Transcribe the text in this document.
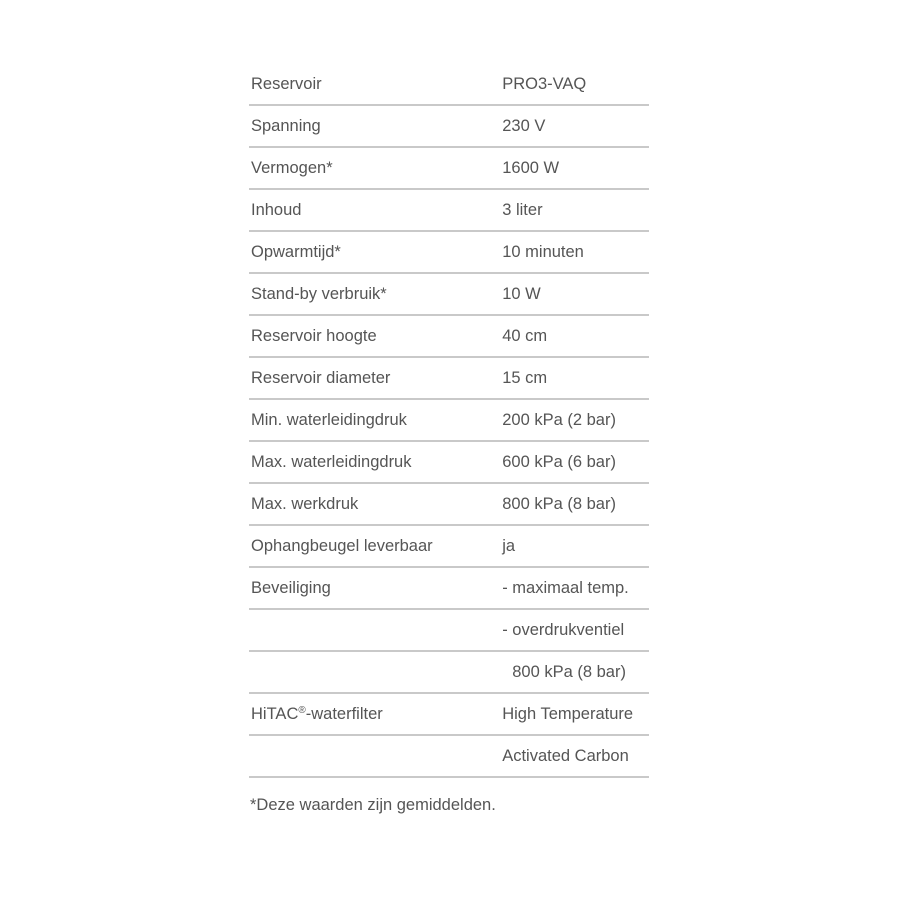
Reservoir	PRO3-VAQ
Spanning	230 V
Vermogen*	1600 W
Inhoud	3 liter
Opwarmtijd*	10 minuten
Stand-by verbruik*	10 W
Reservoir hoogte	40 cm
Reservoir diameter	15 cm
Min. waterleidingdruk	200 kPa (2 bar)
Max. waterleidingdruk	600 kPa (6 bar)
Max. werkdruk	800 kPa (8 bar)
Ophangbeugel leverbaar	ja
Beveiliging	- maximaal temp.
	- overdrukventiel
	800 kPa (8 bar)
HiTAC®-waterfilter	High Temperature
	Activated Carbon
*Deze waarden zijn gemiddelden.
